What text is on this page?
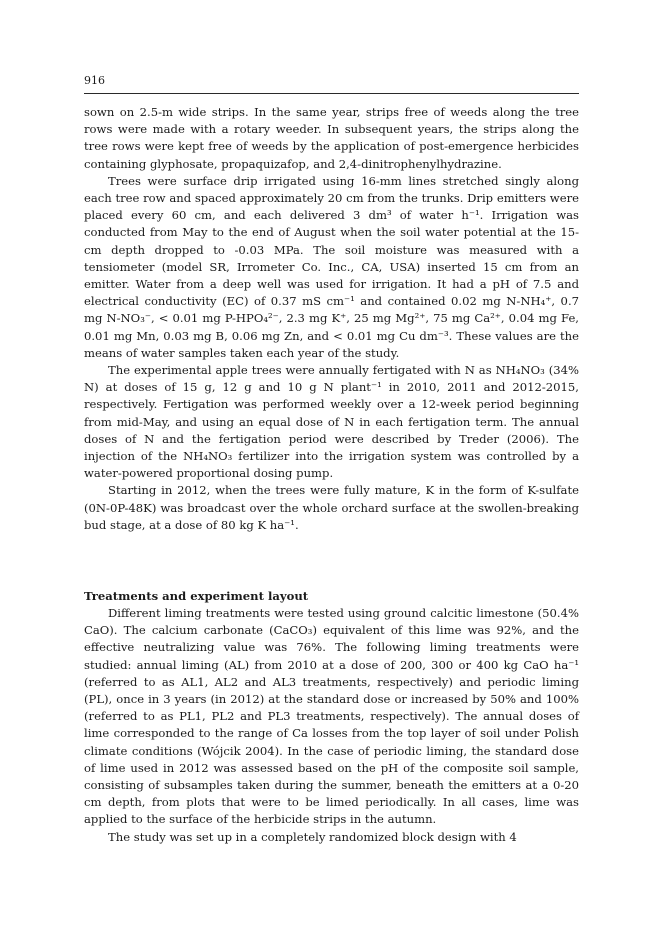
916

sown on 2.5-m wide strips. In the same year, strips free of weeds along the tree rows were made with a rotary weeder. In subsequent years, the strips along the tree rows were kept free of weeds by the application of post-emergence herbicides containing glyphosate, propaquizafop, and 2,4-dinitrophenylhydrazine.

Trees were surface drip irrigated using 16-mm lines stretched singly along each tree row and spaced approximately 20 cm from the trunks. Drip emitters were placed every 60 cm, and each delivered 3 dm³ of water h⁻¹. Irrigation was conducted from May to the end of August when the soil water potential at the 15-cm depth dropped to -0.03 MPa. The soil moisture was measured with a tensiometer (model SR, Irrometer Co. Inc., CA, USA) inserted 15 cm from an emitter. Water from a deep well was used for irrigation. It had a pH of 7.5 and electrical conductivity (EC) of 0.37 mS cm⁻¹ and contained 0.02 mg N-NH₄⁺, 0.7 mg N-NO₃⁻, < 0.01 mg P-HPO₄²⁻, 2.3 mg K⁺, 25 mg Mg²⁺, 75 mg Ca²⁺, 0.04 mg Fe, 0.01 mg Mn, 0.03 mg B, 0.06 mg Zn, and < 0.01 mg Cu dm⁻³. These values are the means of water samples taken each year of the study.

The experimental apple trees were annually fertigated with N as NH₄NO₃ (34% N) at doses of 15 g, 12 g and 10 g N plant⁻¹ in 2010, 2011 and 2012-2015, respectively. Fertigation was performed weekly over a 12-week period beginning from mid-May, and using an equal dose of N in each fertigation term. The annual doses of N and the fertigation period were described by Treder (2006). The injection of the NH₄NO₃ fertilizer into the irrigation system was controlled by a water-powered proportional dosing pump.

Starting in 2012, when the trees were fully mature, K in the form of K-sulfate (0N-0P-48K) was broadcast over the whole orchard surface at the swollen-breaking bud stage, at a dose of 80 kg K ha⁻¹.

Treatments and experiment layout

Different liming treatments were tested using ground calcitic limestone (50.4% CaO). The calcium carbonate (CaCO₃) equivalent of this lime was 92%, and the effective neutralizing value was 76%. The following liming treatments were studied: annual liming (AL) from 2010 at a dose of 200, 300 or 400 kg CaO ha⁻¹ (referred to as AL1, AL2 and AL3 treatments, respectively) and periodic liming (PL), once in 3 years (in 2012) at the standard dose or increased by 50% and 100% (referred to as PL1, PL2 and PL3 treatments, respectively). The annual doses of lime corresponded to the range of Ca losses from the top layer of soil under Polish climate conditions (Wójcik 2004). In the case of periodic liming, the standard dose of lime used in 2012 was assessed based on the pH of the composite soil sample, consisting of subsamples taken during the summer, beneath the emitters at a 0-20 cm depth, from plots that were to be limed periodically. In all cases, lime was applied to the surface of the herbicide strips in the autumn.

The study was set up in a completely randomized block design with 4
